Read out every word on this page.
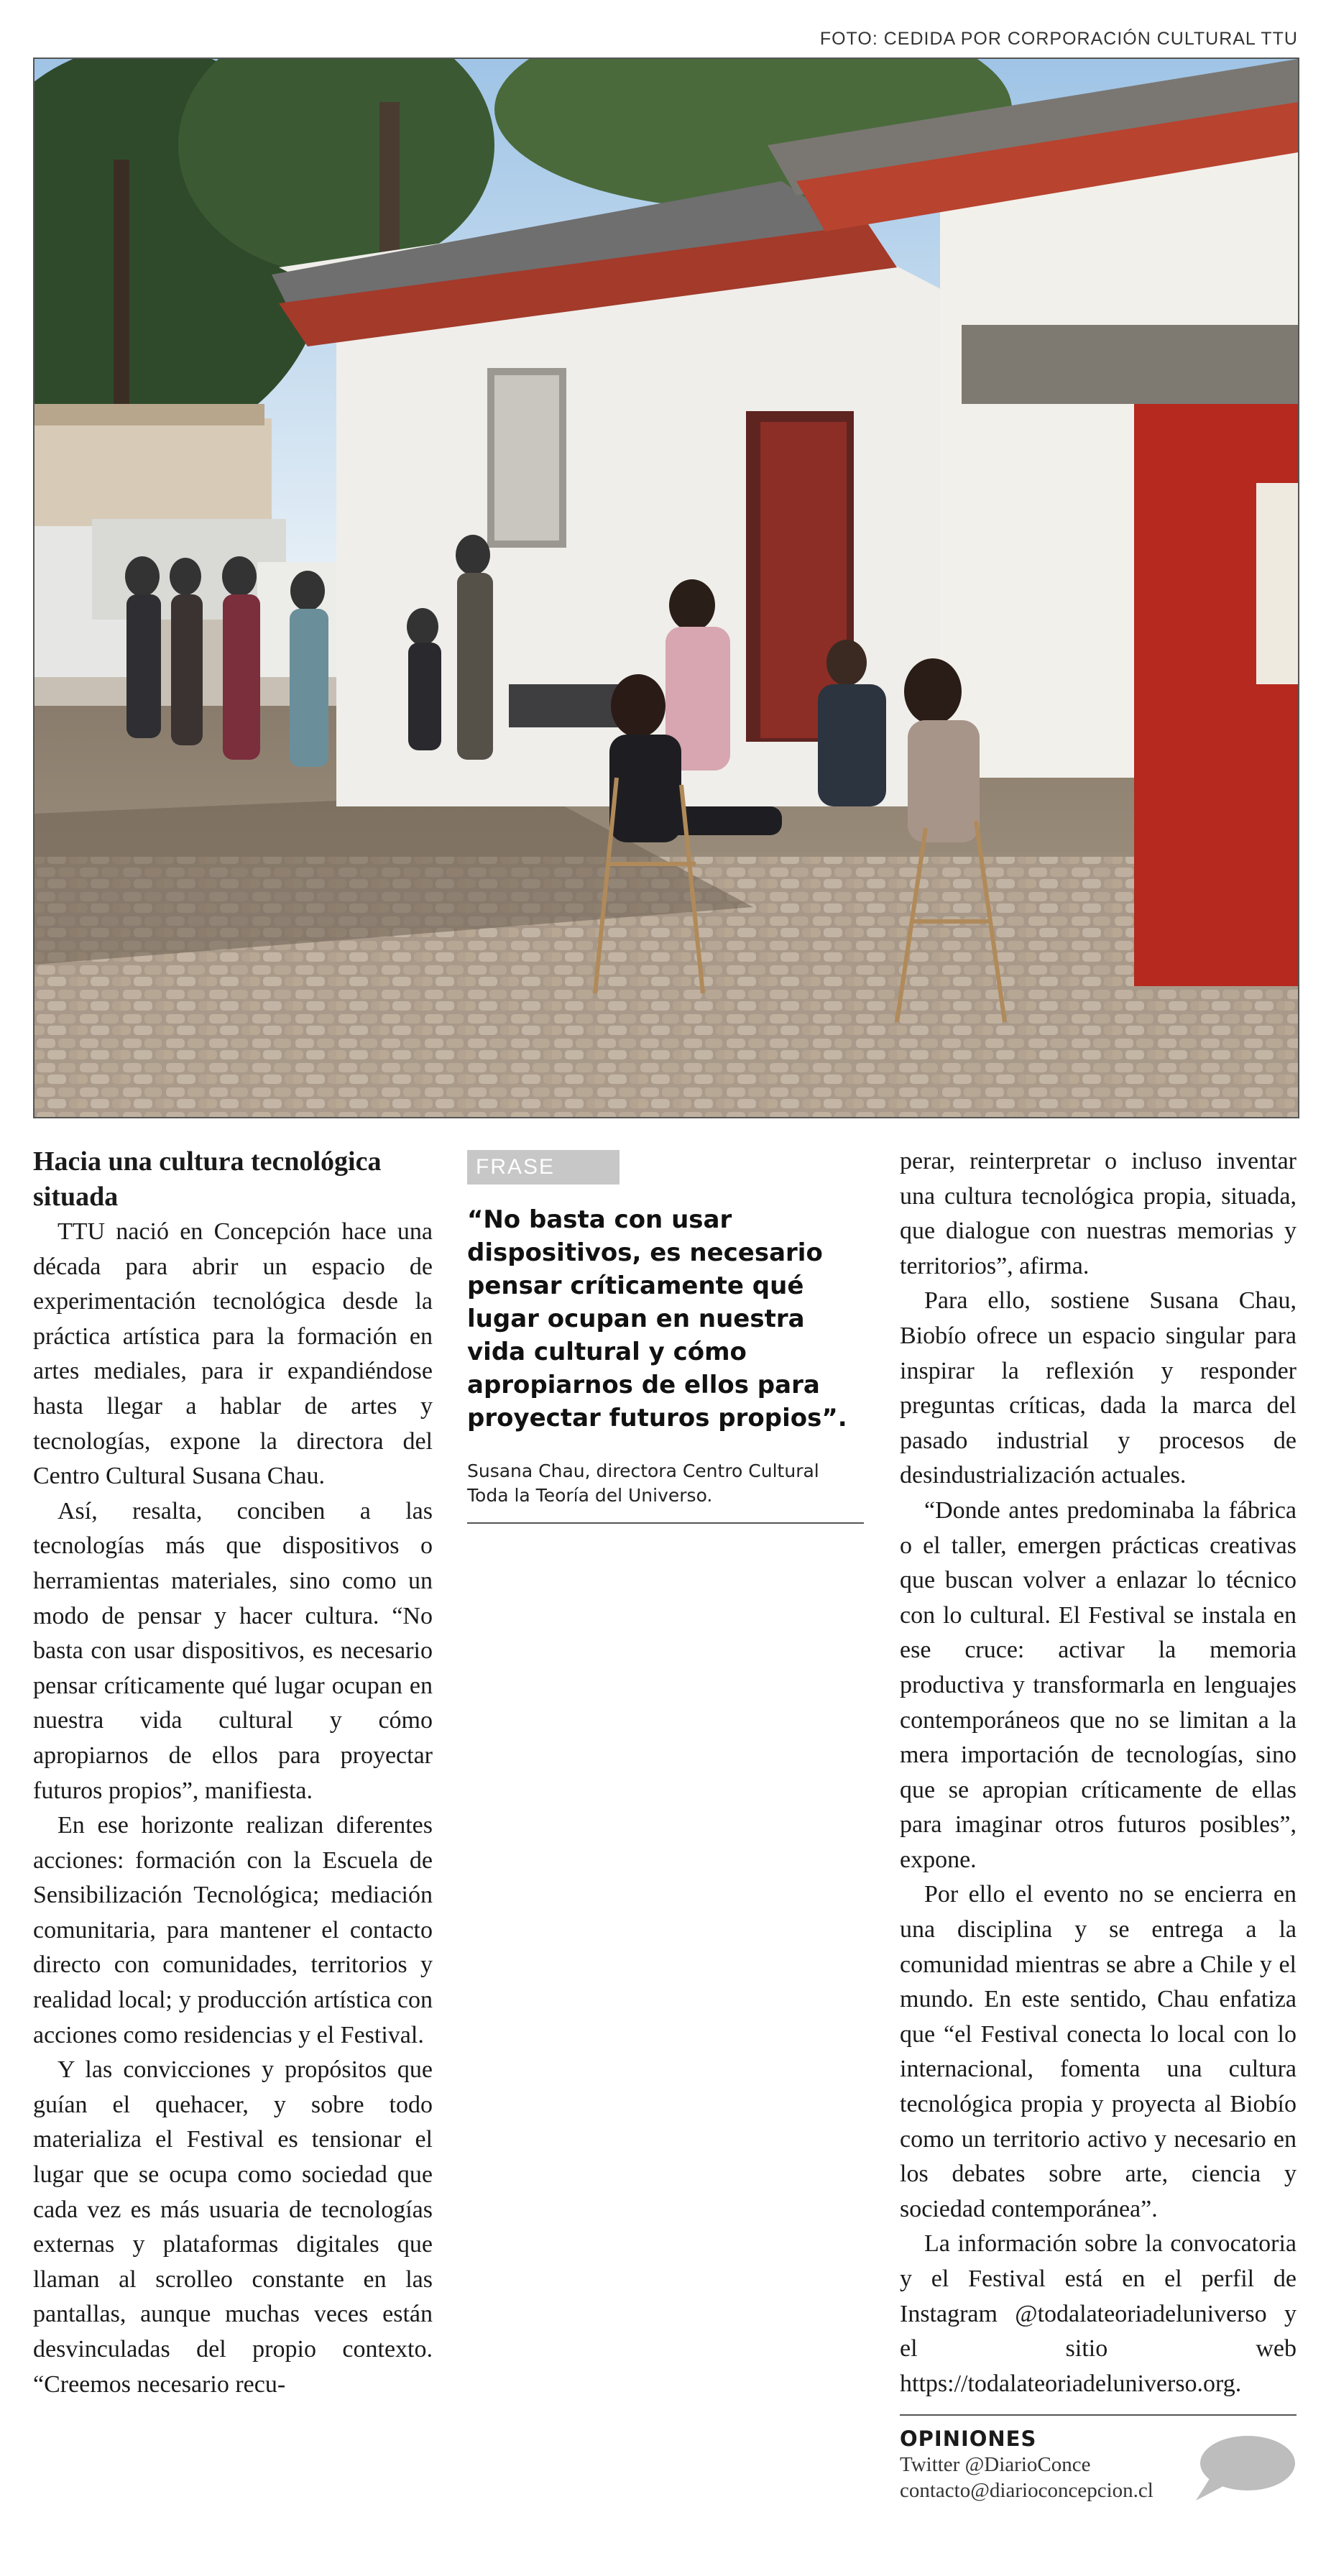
FOTO: CEDIDA POR CORPORACIÓN CULTURAL TTU
Hacia una cultura tecnológica situada

TTU nació en Concepción hace una década para abrir un espacio de experimentación tecnológica desde la práctica artística para la formación en artes mediales, para ir expandiéndose hasta llegar a hablar de artes y tecnologías, expone la directora del Centro Cultural Susana Chau.

Así, resalta, conciben a las tecnologías más que dispositivos o herramientas materiales, sino como un modo de pensar y hacer cultura. “No basta con usar dispositivos, es necesario pensar críticamente qué lugar ocupan en nuestra vida cultural y cómo apropiarnos de ellos para proyectar futuros propios”, manifiesta.

En ese horizonte realizan diferentes acciones: formación con la Escuela de Sensibilización Tecnológica; mediación comunitaria, para mantener el contacto directo con comunidades, territorios y realidad local; y producción artística con acciones como residencias y el Festival.

Y las convicciones y propósitos que guían el quehacer, y sobre todo materializa el Festival es tensionar el lugar que se ocupa como sociedad que cada vez es más usuaria de tecnologías externas y plataformas digitales que llaman al scrolleo constante en las pantallas, aunque muchas veces están desvinculadas del propio contexto. “Creemos necesario recu-

FRASE

“No basta con usar dispositivos, es necesario pensar críticamente qué lugar ocupan en nuestra vida cultural y cómo apropiarnos de ellos para proyectar futuros propios”.

Susana Chau, directora Centro Cultural Toda la Teoría del Universo.

perar, reinterpretar o incluso inventar una cultura tecnológica propia, situada, que dialogue con nuestras memorias y territorios”, afirma.

Para ello, sostiene Susana Chau, Biobío ofrece un espacio singular para inspirar la reflexión y responder preguntas críticas, dada la marca del pasado industrial y procesos de desindustrialización actuales.

“Donde antes predominaba la fábrica o el taller, emergen prácticas creativas que buscan volver a enlazar lo técnico con lo cultural. El Festival se instala en ese cruce: activar la memoria productiva y transformarla en lenguajes contemporáneos que no se limitan a la mera importación de tecnologías, sino que se apropian críticamente de ellas para imaginar otros futuros posibles”, expone.

Por ello el evento no se encierra en una disciplina y se entrega a la comunidad mientras se abre a Chile y el mundo. En este sentido, Chau enfatiza que “el Festival conecta lo local con lo internacional, fomenta una cultura tecnológica propia y proyecta al Biobío como un territorio activo y necesario en los debates sobre arte, ciencia y sociedad contemporánea”.

La información sobre la convocatoria y el Festival está en el perfil de Instagram @todalateoriadeluniverso y el sitio web https://todalateoriadeluniverso.org.

OPINIONES
Twitter @DiarioConce
contacto@diarioconcepcion.cl
